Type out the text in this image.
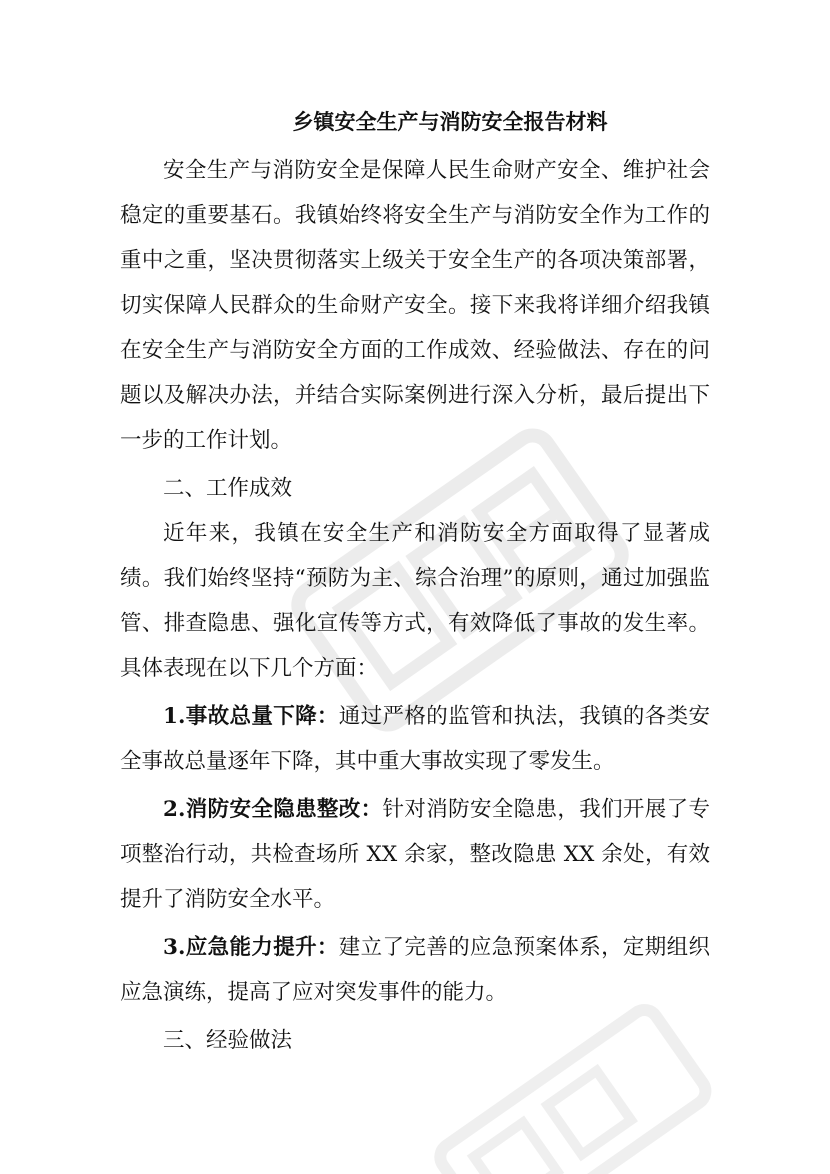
乡镇安全生产与消防安全报告材料

安全生产与消防安全是保障人民生命财产安全、维护社会稳定的重要基石。我镇始终将安全生产与消防安全作为工作的重中之重，坚决贯彻落实上级关于安全生产的各项决策部署，切实保障人民群众的生命财产安全。接下来我将详细介绍我镇在安全生产与消防安全方面的工作成效、经验做法、存在的问题以及解决办法，并结合实际案例进行深入分析，最后提出下一步的工作计划。

二、工作成效

近年来，我镇在安全生产和消防安全方面取得了显著成绩。我们始终坚持“预防为主、综合治理”的原则，通过加强监管、排查隐患、强化宣传等方式，有效降低了事故的发生率。具体表现在以下几个方面：

1.事故总量下降：通过严格的监管和执法，我镇的各类安全事故总量逐年下降，其中重大事故实现了零发生。

2.消防安全隐患整改：针对消防安全隐患，我们开展了专项整治行动，共检查场所 XX 余家，整改隐患 XX 余处，有效提升了消防安全水平。

3.应急能力提升：建立了完善的应急预案体系，定期组织应急演练，提高了应对突发事件的能力。

三、经验做法
